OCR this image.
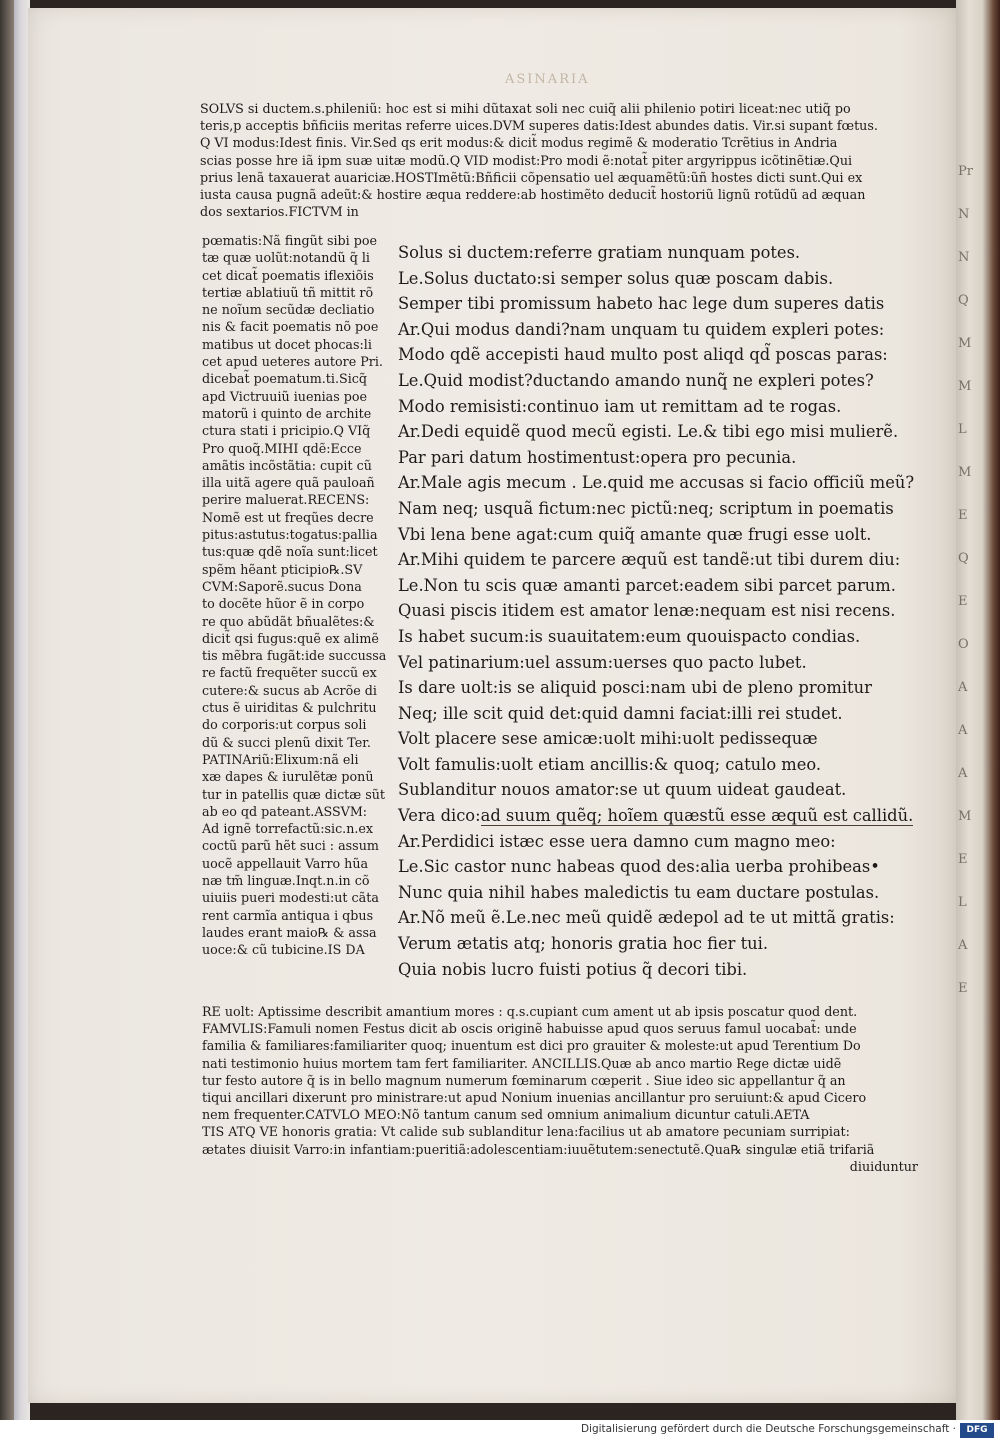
Pr
N
N
Q
M
M
L
M
E
Q
E
O
A
A
A
M
E
L
A
E
ASINARIA
SOLVS si ductem.s.phileniũ: hoc est si mihi dũtaxat soli nec cuiq̃ alii philenio potiri liceat:nec utiq̃ po
teris,p acceptis bñficiis meritas referre uices.DVM superes datis:Idest abundes datis. Vir.si supant fœtus.
Q VI modus:Idest finis. Vir.Sed qs erit modus:& dicit̃ modus regimẽ & moderatio Tcrẽtius in Andria
scias posse hre iã ipm suæ uitæ modũ.Q VID modist:Pro modi ẽ:notat̃ piter argyrippus icõtinẽtiæ.Qui
prius lenã taxauerat auariciæ.HOSTImẽtũ:Bñficii cõpensatio uel æquamẽtũ:ũñ hostes dicti sunt.Qui ex
iusta causa pugnã adeũt:& hostire æqua reddere:ab hostimẽto deducit̃ hostoriũ lignũ rotũdũ ad æquan
dos sextarios.FICTVM in
pœmatis:Nã fingũt sibi poe
tæ quæ uolũt:notandũ q̃ li
cet dicat̃ poematis iflexiõis
tertiæ ablatiuũ tñ mittit rõ
ne noĩum secũdæ decliatio
nis & facit poematis nõ poe
matibus ut docet phocas:li
cet apud ueteres autore Pri.
dicebat̃ poematum.ti.Sicq̃
apd Victruuiũ iuenias poe
matorũ i quinto de archite
ctura stati i pricipio.Q VIq̃
Pro quoq̃.MIHI qdẽ:Ecce
amãtis incõstãtia: cupit cũ
illa uitã agere quã pauloañ
perire maluerat.RECENS:
Nomẽ est ut freqũes decre
pitus:astutus:togatus:pallia
tus:quæ qdẽ noĩa sunt:licet
spẽm hẽant pticipio℞.SV
CVM:Saporẽ.sucus Dona
to docẽte hũor ẽ in corpo
re quo abũdãt bñualẽtes:&
dicit̃ qsi fugus:quẽ ex alimẽ
tis mẽbra fugãt:ide succussa
re factũ frequẽter succũ ex
cutere:& sucus ab Acrõe di
ctus ẽ uiriditas & pulchritu
do corporis:ut corpus soli
dũ & succi plenũ dixit Ter.
PATINAriũ:Elixum:nã eli
xæ dapes & iurulẽtæ ponũ
tur in patellis quæ dictæ sũt
ab eo qd pateant.ASSVM:
Ad ignẽ torrefactũ:sic.n.ex
coctũ parũ hẽt suci : assum
uocẽ appellauit Varro hũa
næ tm̃ linguæ.Inqt.n.in cõ
uiuiis pueri modesti:ut cãta
rent carmĩa antiqua i qbus
laudes erant maio℞ & assa
uoce:& cũ tubicine.IS DA
Solus si ductem:referre gratiam nunquam potes.
Le.Solus ductato:si semper solus quæ poscam dabis.
Semper tibi promissum habeto hac lege dum superes datis
Ar.Qui modus dandi?nam unquam tu quidem expleri potes:
Modo qdẽ accepisti haud multo post aliqd qd̃ poscas paras:
Le.Quid modist?ductando amando nunq̃ ne expleri potes?
Modo remisisti:continuo iam ut remittam ad te rogas.
Ar.Dedi equidẽ quod mecũ egisti. Le.& tibi ego misi mulierẽ.
Par pari datum hostimentust:opera pro pecunia.
Ar.Male agis mecum . Le.quid me accusas si facio officiũ meũ?
Nam neq; usquã fictum:nec pictũ:neq; scriptum in poematis
Vbi lena bene agat:cum quiq̃ amante quæ frugi esse uolt.
Ar.Mihi quidem te parcere æquũ est tandẽ:ut tibi durem diu:
Le.Non tu scis quæ amanti parcet:eadem sibi parcet parum.
Quasi piscis itidem est amator lenæ:nequam est nisi recens.
Is habet sucum:is suauitatem:eum quouispacto condias.
Vel patinarium:uel assum:uerses quo pacto lubet.
Is dare uolt:is se aliquid posci:nam ubi de pleno promitur
Neq; ille scit quid det:quid damni faciat:illi rei studet.
Volt placere sese amicæ:uolt mihi:uolt pedissequæ
Volt famulis:uolt etiam ancillis:& quoq; catulo meo.
Sublanditur nouos amator:se ut quum uideat gaudeat.
Vera dico:ad suum quẽq; hoĩem quæstũ esse æquũ est callidũ.
Ar.Perdidici istæc esse uera damno cum magno meo:
Le.Sic castor nunc habeas quod des:alia uerba prohibeas•
Nunc quia nihil habes maledictis tu eam ductare postulas.
Ar.Nõ meũ ẽ.Le.nec meũ quidẽ ædepol ad te ut mittã gratis:
Verum ætatis atq; honoris gratia hoc fier tui.
Quia nobis lucro fuisti potius q̃ decori tibi.
RE uolt: Aptissime describit amantium mores : q.s.cupiant cum ament ut ab ipsis poscatur quod dent.
FAMVLIS:Famuli nomen Festus dicit ab oscis originẽ habuisse apud quos seruus famul uocabat̃: unde
familia & familiares:familiariter quoq; inuentum est dici pro grauiter & moleste:ut apud Terentium Do
nati testimonio huius mortem tam fert familiariter. ANCILLIS.Quæ ab anco martio Rege dictæ uidẽ
tur festo autore q̃ is in bello magnum numerum fœminarum cœperit . Siue ideo sic appellantur q̃ an
tiqui ancillari dixerunt pro ministrare:ut apud Nonium inuenias ancillantur pro seruiunt:& apud Cicero
nem frequenter.CATVLO MEO:Nõ tantum canum sed omnium animalium dicuntur catuli.AETA
TIS ATQ VE honoris gratia: Vt calide sub sublanditur lena:facilius ut ab amatore pecuniam surripiat:
ætates diuisit Varro:in infantiam:pueritiã:adolescentiam:iuuẽtutem:senectutẽ.Qua℞ singulæ etiã trifariã
diuiduntur
Digitalisierung gefördert durch die Deutsche Forschungsgemeinschaft ·	DFG
